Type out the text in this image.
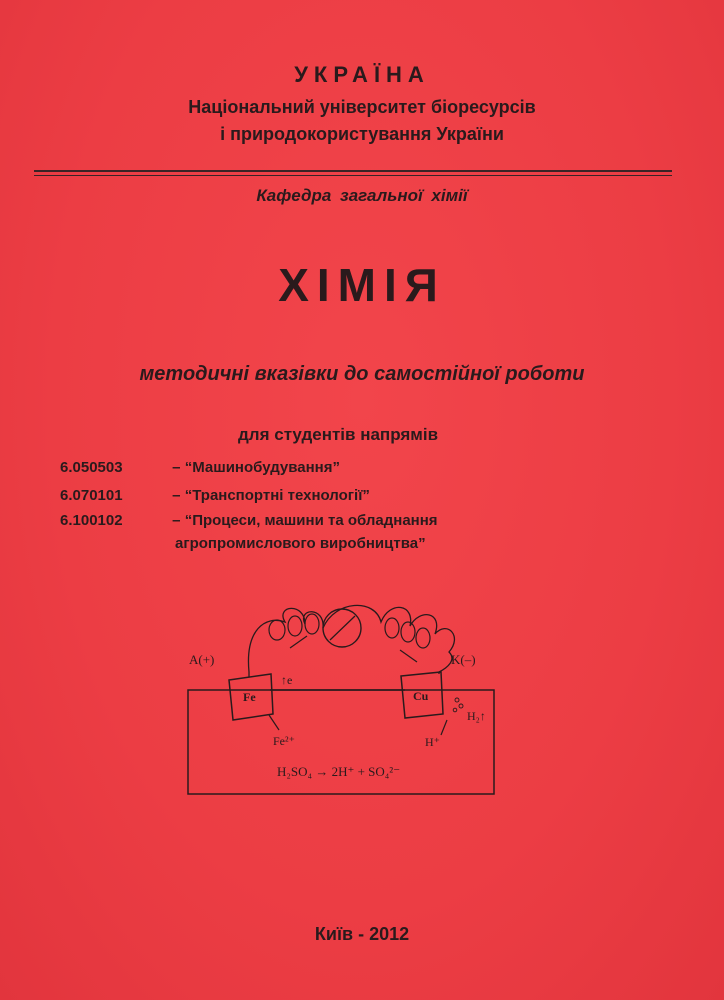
УКРАЇНА
Національний університет біоресурсів
і природокористування України
Кафедра загальної хімії
ХІМІЯ
методичні вказівки до самостійної роботи
для студентів напрямів
6.050503	– “Машинобудування”
6.070101	– “Транспортні технології”
6.100102	– “Процеси, машини та обладнання
агропромислового виробництва”
A(+)	K(–)
Fe	Cu
↑e
Fe²⁺	H⁺
H₂↑
H₂SO₄ → 2H⁺ + SO₄²⁻
Київ - 2012
